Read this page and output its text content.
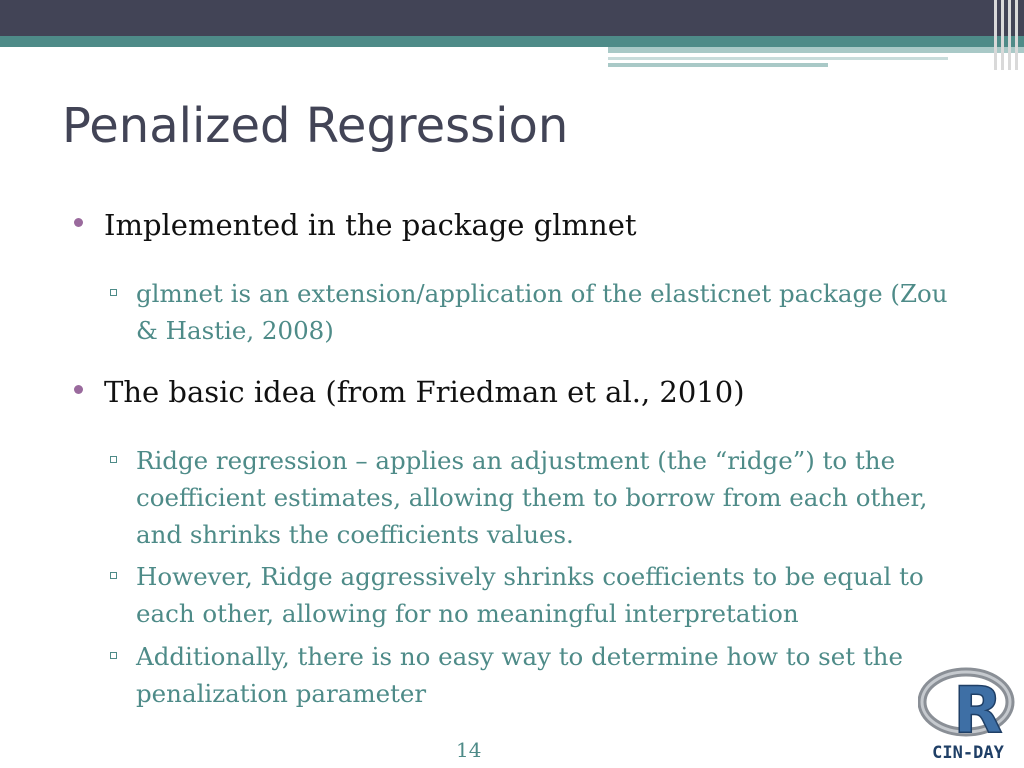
Penalized Regression
Implemented in the package glmnet
glmnet is an extension/application of the elasticnet package (Zou & Hastie, 2008)
The basic idea (from Friedman et al., 2010)
Ridge regression – applies an adjustment (the “ridge”) to the coefficient estimates, allowing them to borrow from each other, and shrinks the coefficients values.
However, Ridge aggressively shrinks coefficients to be equal to each other, allowing for no meaningful interpretation
Additionally, there is no easy way to determine how to set the penalization parameter
14
R
CIN-DAY
